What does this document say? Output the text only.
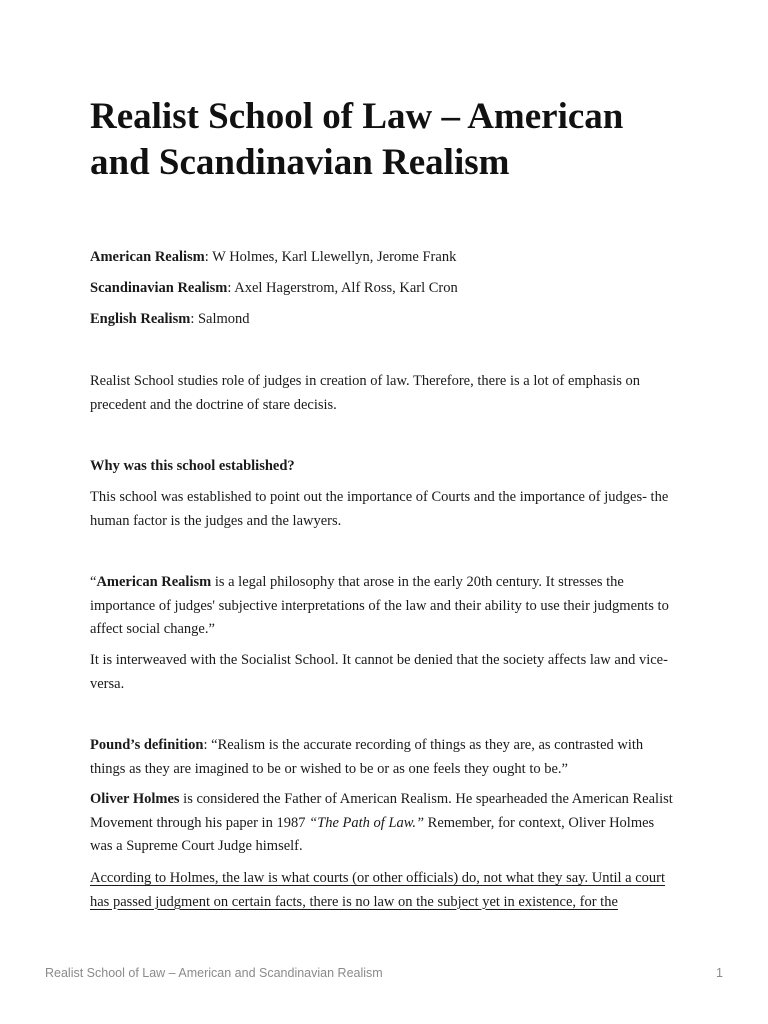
Realist School of Law – American and Scandinavian Realism

American Realism: W Holmes, Karl Llewellyn, Jerome Frank

Scandinavian Realism: Axel Hagerstrom, Alf Ross, Karl Cron

English Realism: Salmond

Realist School studies role of judges in creation of law. Therefore, there is a lot of emphasis on precedent and the doctrine of stare decisis.

Why was this school established?

This school was established to point out the importance of Courts and the importance of judges- the human factor is the judges and the lawyers.

“American Realism is a legal philosophy that arose in the early 20th century. It stresses the importance of judges' subjective interpretations of the law and their ability to use their judgments to affect social change.”

It is interweaved with the Socialist School. It cannot be denied that the society affects law and vice-versa.

Pound’s definition: “Realism is the accurate recording of things as they are, as contrasted with things as they are imagined to be or wished to be or as one feels they ought to be.”

Oliver Holmes is considered the Father of American Realism. He spearheaded the American Realist Movement through his paper in 1987 “The Path of Law.” Remember, for context, Oliver Holmes was a Supreme Court Judge himself.

According to Holmes, the law is what courts (or other officials) do, not what they say. Until a court has passed judgment on certain facts, there is no law on the subject yet in existence, for the

Realist School of Law – American and Scandinavian Realism	1
